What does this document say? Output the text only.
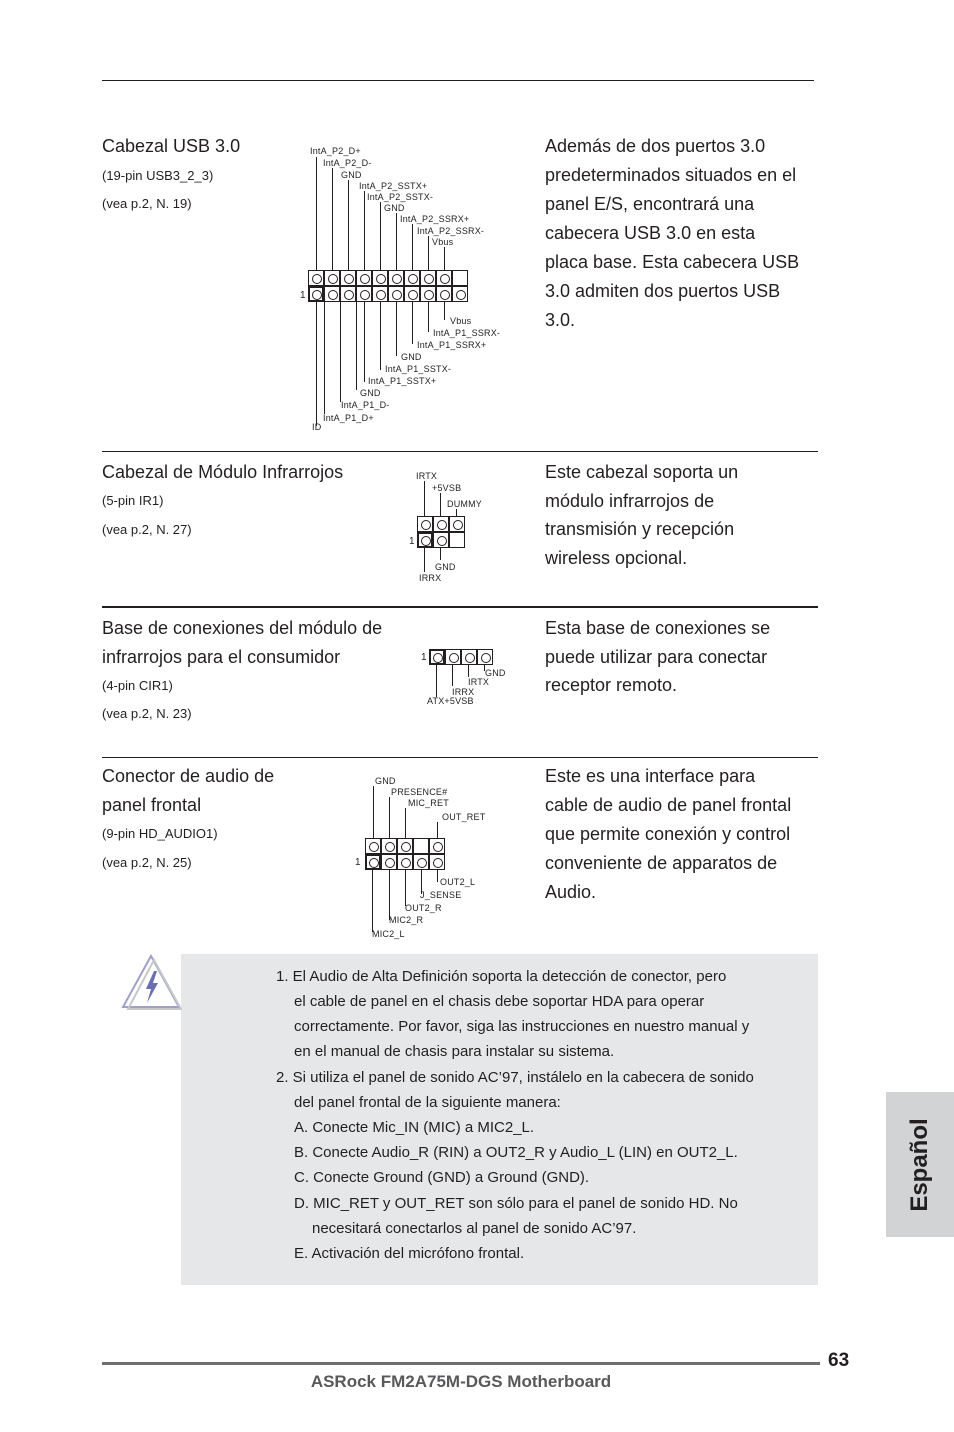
Cabezal USB 3.0
(19-pin USB3_2_3)
(vea p.2, N. 19)
Además de dos puertos 3.0
predeterminados situados en el
panel E/S, encontrará una
cabecera USB 3.0 en esta
placa base. Esta cabecera USB
3.0 admiten dos puertos USB
3.0.
IntA_P2_D+
IntA_P2_D-
GND
IntA_P2_SSTX+
IntA_P2_SSTX-
GND
IntA_P2_SSRX+
IntA_P2_SSRX-
Vbus
1
Vbus
IntA_P1_SSRX-
IntA_P1_SSRX+
GND
IntA_P1_SSTX-
IntA_P1_SSTX+
GND
IntA_P1_D-
IntA_P1_D+
ID
Cabezal de Módulo Infrarrojos
(5-pin IR1)
(vea p.2, N. 27)
Este cabezal soporta un
módulo infrarrojos de
transmisión y recepción
wireless opcional.
IRTX
+5VSB
DUMMY
1
GND
IRRX
Base de conexiones del módulo de
infrarrojos para el consumidor
(4-pin CIR1)
(vea p.2, N. 23)
Esta base de conexiones se
puede utilizar para conectar
receptor remoto.
1
GND
IRTX
IRRX
ATX+5VSB
Conector de audio de
panel frontal
(9-pin HD_AUDIO1)
(vea p.2, N. 25)
Este es una interface para
cable de audio de panel frontal
que permite conexión y control
conveniente de apparatos de
Audio.
GND
PRESENCE#
MIC_RET
OUT_RET
1
OUT2_L
J_SENSE
OUT2_R
MIC2_R
MIC2_L
1. El Audio de Alta Definición soporta la detección de conector, pero
el cable de panel en el chasis debe soportar HDA para operar
correctamente. Por favor, siga las instrucciones en nuestro manual y
en el manual de chasis para instalar su sistema.
2. Si utiliza el panel de sonido AC’97, instálelo en la cabecera de sonido
del panel frontal de la siguiente manera:
A. Conecte Mic_IN (MIC) a MIC2_L.
B. Conecte Audio_R (RIN) a OUT2_R y Audio_L (LIN) en OUT2_L.
C. Conecte Ground (GND) a Ground (GND).
D. MIC_RET y OUT_RET son sólo para el panel de sonido HD. No
necesitará conectarlos al panel de sonido AC’97.
E. Activación del micrófono frontal.
Español
63
ASRock FM2A75M-DGS Motherboard
